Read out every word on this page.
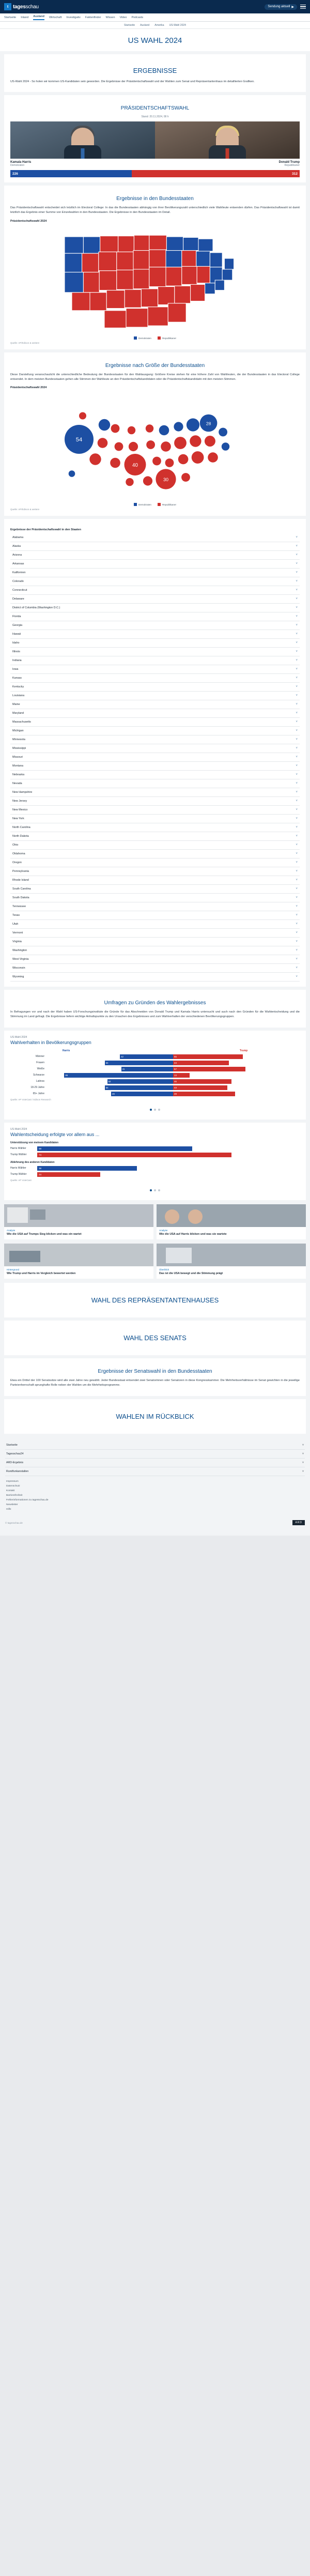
t tagesschau	Sendung aktuell ▶
Startseite Inland Ausland Wirtschaft Investigativ Faktenfinder Wissen Video Podcasts
Startseite Ausland Amerika US-Wahl 2024
US WAHL 2024
ERGEBNISSE

US-Wahl 2024 - So holen wir kommen US-Kandidaten sein geworden. Die Ergebnisse der Präsidentschaftswahl und der Wahlen zum Senat und Repräsentantenhaus im detaillierten Grafiken.

PRÄSIDENTSCHAFTSWAHL
Stand: 20.11.2024, 08 h
Kamala Harris
Demokraten
Donald Trump
Republikaner
226	312
Ergebnisse in den Bundesstaaten

Das Präsidentschaftswahl entscheidet sich letztlich im Electoral College: In das die Bundesstaaten abhängig von ihrer Bevölkerungszahl unterschiedlich viele Wahlleute entsenden dürfen. Das Präsidentschaftswahl ist damit letztlich das Ergebnis einer Summe von Einzelwahlen in den Bundesstaaten. Die Ergebnisse in den Bundesstaaten im Detail.

Präsidentschaftswahl 2024
Demokraten	Republikaner
Quelle: AP/Edison & weitere
Ergebnisse nach Größe der Bundesstaaten

Diese Darstellung veranschaulicht die unterschiedliche Bedeutung der Bundesstaaten für den Wahlausgang: Größere Kreise stehen für eine höhere Zahl von Wahlleuten, die der Bundesstaaten in das Electoral College entsendet. In dem meisten Bundesstaaten gehen alle Stimmen der Wahlleute an den Präsidentschaftskandidaten oder die Präsidentschaftskandidatin mit den meisten Stimmen.

Präsidentschaftswahl 2024
54
40
28
30
Demokraten	Republikaner
Quelle: AP/Edison & weitere
Ergebnisse der Präsidentschaftswahl in den Staaten
Alabama	˅
Alaska	˅
Arizona	˅
Arkansas	˅
Kalifornien	˅
Colorado	˅
Connecticut	˅
Delaware	˅
District of Columbia (Washington D.C.)	˅
Florida	˅
Georgia	˅
Hawaii	˅
Idaho	˅
Illinois	˅
Indiana	˅
Iowa	˅
Kansas	˅
Kentucky	˅
Louisiana	˅
Maine	˅
Maryland	˅
Massachusetts	˅
Michigan	˅
Minnesota	˅
Mississippi	˅
Missouri	˅
Montana	˅
Nebraska	˅
Nevada	˅
New Hampshire	˅
New Jersey	˅
New Mexico	˅
New York	˅
North Carolina	˅
North Dakota	˅
Ohio	˅
Oklahoma	˅
Oregon	˅
Pennsylvania	˅
Rhode Island	˅
South Carolina	˅
South Dakota	˅
Tennessee	˅
Texas	˅
Utah	˅
Vermont	˅
Virginia	˅
Washington	˅
West Virginia	˅
Wisconsin	˅
Wyoming	˅
Umfragen zu Gründen des Wahlergebnisses

In Befragungen vor und nach der Wahl haben US-Forschungsinstitute die Gründe für das Abschneiden von Donald Trump und Kamala Harris untersucht und auch nach den Gründen für die Wahlentscheidung und die Stimmung im Land gefragt. Die Ergebnisse liefern wichtige Anhaltspunkte zu den Ursachen des Ergebnisses und zum Wahlverhalten der verschiedenen Bevölkerungsgruppen.

US-Wahl 2024
Wahlverhalten in Bevölkerungsgruppen
Harris	Trump
Männer	42	55
Frauen	54	44
Weiße	41	57
Schwarze	86	13
Latinos	52	46
18-29 Jahre	54	43
65+ Jahre	49	49
Quelle: AP VoteCast / Edison Research
US-Wahl 2024
Wahlentscheidung erfolgte vor allem aus ...
Unterstützung von meinem Kandidaten
Harris Wähler	59
Trump Wähler	74
Ablehnung des anderen Kandidaten
Harris Wähler	38
Trump Wähler	24
Quelle: AP VoteCast
Analyse
Wie die USA auf Trumps Sieg blicken und was ein wartet
Analyse
Wie die USA auf Harris blicken und was sie wartete
Hintergrund
Wie Trump und Harris im Vergleich bewertet werden
Überblick
Das ist die USA bewegt und die Stimmung prägt
WAHL DES REPRÄSENTANTENHAUSES
WAHL DES SENATS
Ergebnisse der Senatswahl in den Bundesstaaten

Etwa ein Drittel der 100 Senatssitze wird alle zwei Jahre neu gewählt. Jeder Bundesstaat entsendet zwei Senatorinnen oder Senatoren in diese Kongresskammer. Die Mehrheitsverhältnisse im Senat gewichten in die jeweilige Parteienherrschaft sprunghafte Rolle neben der Wahlen um die Mehrheitsprogramme.

WAHLEN IM RÜCKBLICK
Startseite	˅
Tagesschau24	˅
ARD-Ergebnis	˅
Rundfunkanstalten	˅
Impressum
Datenschutz
Kontakt
Barrierefreiheit
Fehlerinformationen zu tagesschau.de
Newsletter
Hilfe
© tagesschau.de	ARD
